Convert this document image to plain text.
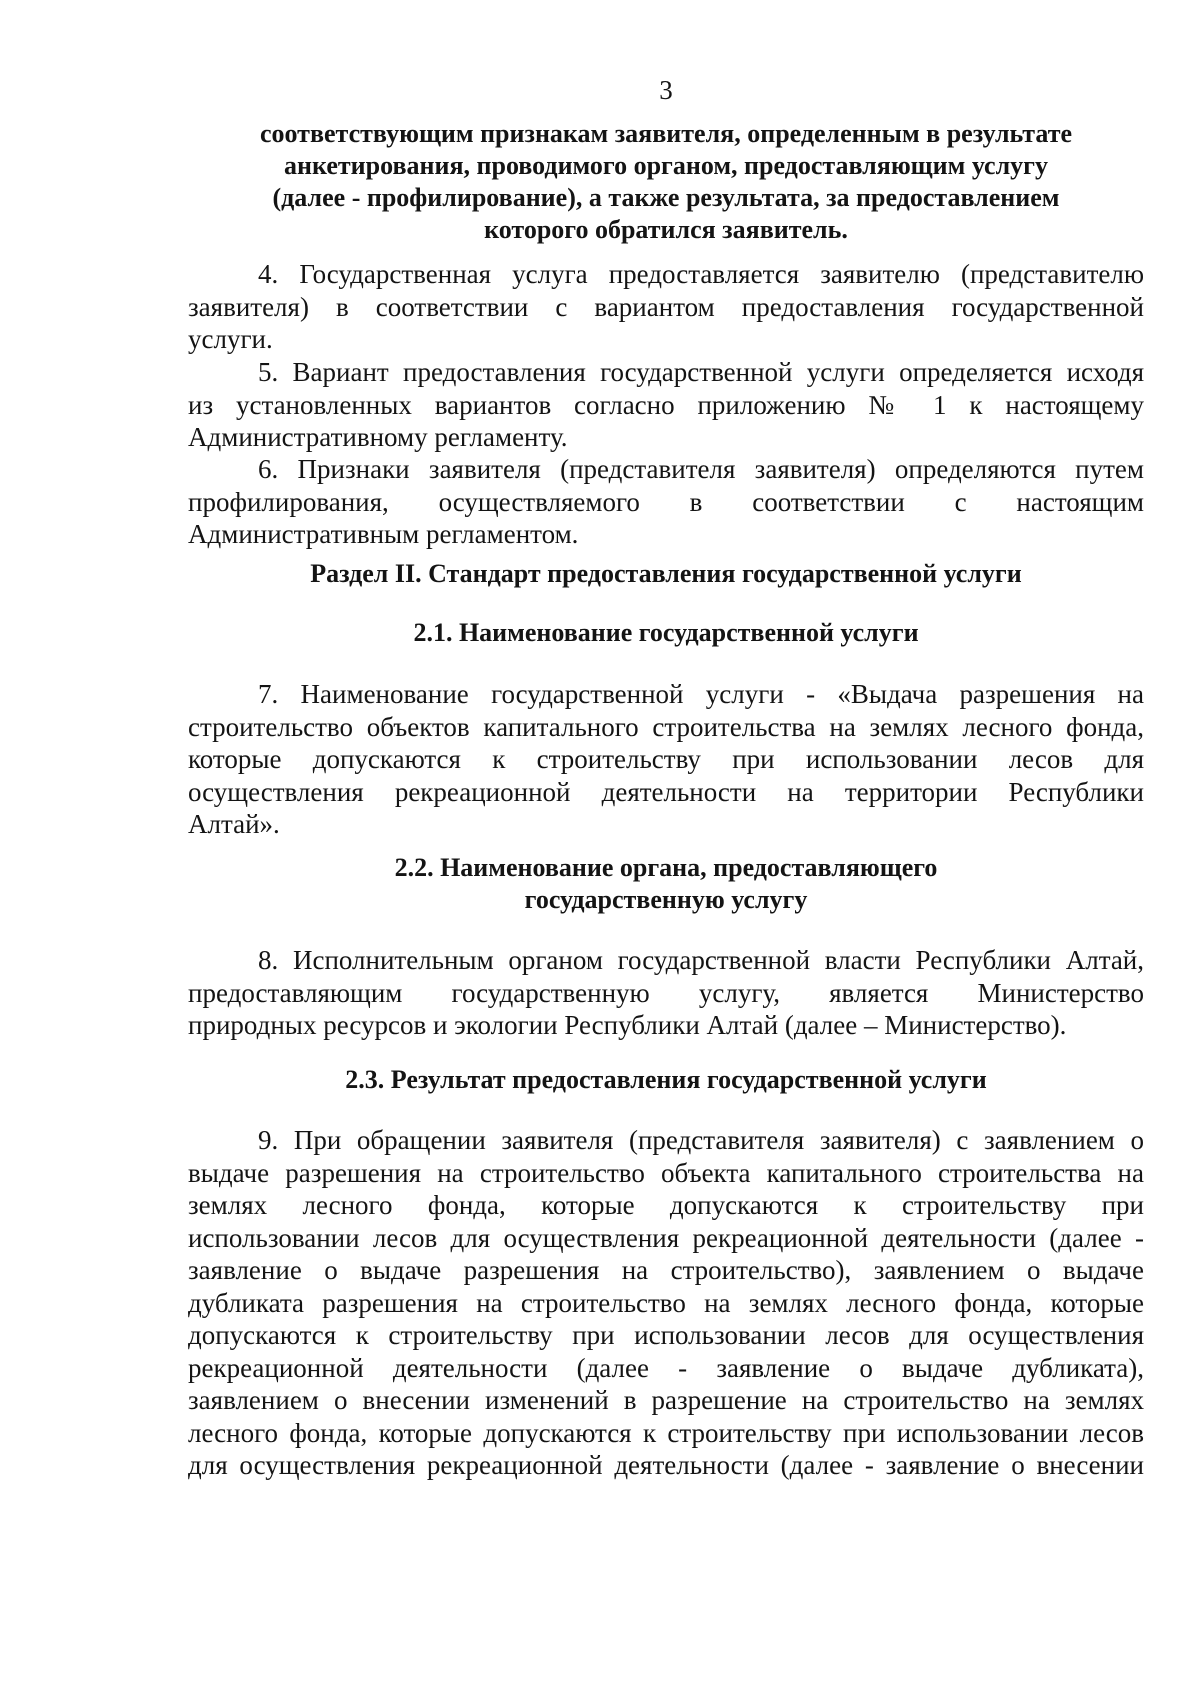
3
соответствующим признакам заявителя, определенным в результате
анкетирования, проводимого органом, предоставляющим услугу
(далее - профилирование), а также результата, за предоставлением
которого обратился заявитель.
4. Государственная услуга предоставляется заявителю (представителю
заявителя) в соответствии с вариантом предоставления государственной
услуги.
5. Вариант предоставления государственной услуги определяется исходя
из установленных вариантов согласно приложению № 1 к настоящему
Административному регламенту.
6. Признаки заявителя (представителя заявителя) определяются путем
профилирования, осуществляемого в соответствии с настоящим
Административным регламентом.
Раздел II. Стандарт предоставления государственной услуги
2.1. Наименование государственной услуги
7. Наименование государственной услуги - «Выдача разрешения на
строительство объектов капитального строительства на землях лесного фонда,
которые допускаются к строительству при использовании лесов для
осуществления рекреационной деятельности на территории Республики
Алтай».
2.2. Наименование органа, предоставляющего
государственную услугу
8. Исполнительным органом государственной власти Республики Алтай,
предоставляющим государственную услугу, является Министерство
природных ресурсов и экологии Республики Алтай (далее – Министерство).
2.3. Результат предоставления государственной услуги
9. При обращении заявителя (представителя заявителя) с заявлением о
выдаче разрешения на строительство объекта капитального строительства на
землях лесного фонда, которые допускаются к строительству при
использовании лесов для осуществления рекреационной деятельности (далее -
заявление о выдаче разрешения на строительство), заявлением о выдаче
дубликата разрешения на строительство на землях лесного фонда, которые
допускаются к строительству при использовании лесов для осуществления
рекреационной деятельности (далее - заявление о выдаче дубликата),
заявлением о внесении изменений в разрешение на строительство на землях
лесного фонда, которые допускаются к строительству при использовании лесов
для осуществления рекреационной деятельности (далее - заявление о внесении
